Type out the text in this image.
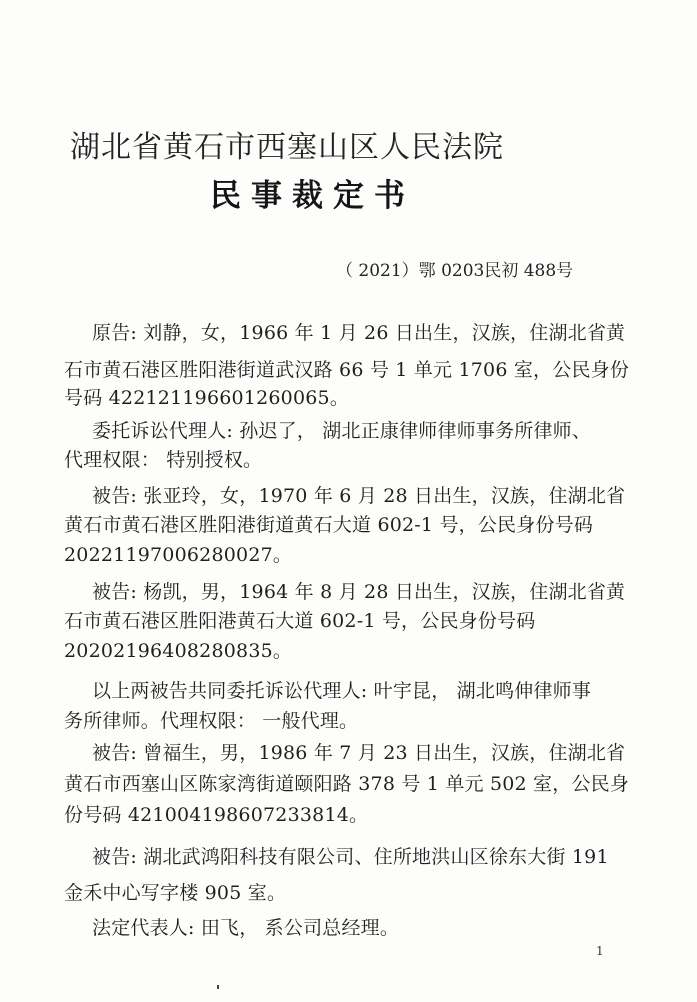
湖北省黄石市西塞山区人民法院
民事裁定书
（ 2021）鄂 0203民初 488号
原告: 刘静，女，1966 年 1 月 26 日出生，汉族，住湖北省黄
石市黄石港区胜阳港街道武汉路 66 号 1 单元 1706 室，公民身份
号码 422121196601260065。
委托诉讼代理人: 孙迟了， 湖北正康律师律师事务所律师、
代理权限： 特别授权。
被告: 张亚玲，女，1970 年 6 月 28 日出生，汉族，住湖北省
黄石市黄石港区胜阳港街道黄石大道 602-1 号，公民身份号码
20221197006280027。
被告: 杨凯，男，1964 年 8 月 28 日出生，汉族，住湖北省黄
石市黄石港区胜阳港黄石大道 602-1 号，公民身份号码
20202196408280835。
以上两被告共同委托诉讼代理人: 叶宇昆， 湖北鸣伸律师事
务所律师。代理权限： 一般代理。
被告: 曾福生，男，1986 年 7 月 23 日出生，汉族，住湖北省
黄石市西塞山区陈家湾街道颐阳路 378 号 1 单元 502 室，公民身
份号码 421004198607233814。
被告: 湖北武鸿阳科技有限公司、住所地洪山区徐东大街 191
金禾中心写字楼 905 室。
法定代表人: 田飞， 系公司总经理。
1
